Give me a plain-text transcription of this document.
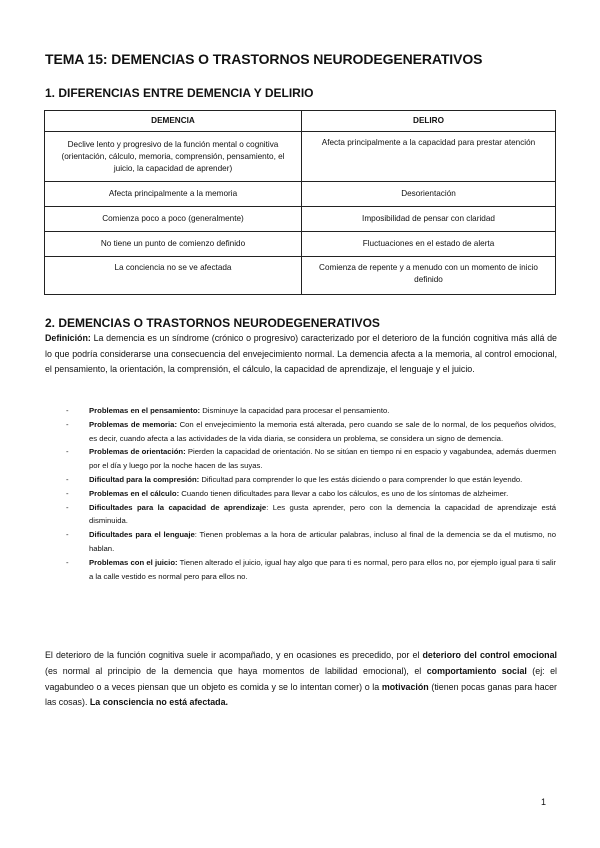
TEMA 15: DEMENCIAS O TRASTORNOS NEURODEGENERATIVOS
1. DIFERENCIAS ENTRE DEMENCIA Y DELIRIO
DEMENCIA	DELIRO
Declive lento y progresivo de la función mental o cognitiva (orientación, cálculo, memoria, comprensión, pensamiento, el juicio, la capacidad de aprender)	Afecta principalmente a la capacidad para prestar atención
Afecta principalmente a la memoria	Desorientación
Comienza poco a poco (generalmente)	Imposibilidad de pensar con claridad
No tiene un punto de comienzo definido	Fluctuaciones en el estado de alerta
La conciencia no se ve afectada	Comienza de repente y a menudo con un momento de inicio definido
2. DEMENCIAS O TRASTORNOS NEURODEGENERATIVOS

Definición: La demencia es un síndrome (crónico o progresivo) caracterizado por el deterioro de la función cognitiva más allá de lo que podría considerarse una consecuencia del envejecimiento normal. La demencia afecta a la memoria, al control emocional, el pensamiento, la orientación, la comprensión, el cálculo, la capacidad de aprendizaje, el lenguaje y el juicio.

-	Problemas en el pensamiento: Disminuye la capacidad para procesar el pensamiento.
-	Problemas de memoria: Con el envejecimiento la memoria está alterada, pero cuando se sale de lo normal, de los pequeños olvidos, es decir, cuando afecta a las actividades de la vida diaria, se considera un problema, se considera un signo de demencia.
-	Problemas de orientación: Pierden la capacidad de orientación. No se sitúan en tiempo ni en espacio y vagabundea, además duermen por el día y luego por la noche hacen de las suyas.
-	Dificultad para la compresión: Dificultad para comprender lo que les estás diciendo o para comprender lo que están leyendo.
-	Problemas en el cálculo: Cuando tienen dificultades para llevar a cabo los cálculos, es uno de los síntomas de alzheimer.
-	Dificultades para la capacidad de aprendizaje: Les gusta aprender, pero con la demencia la capacidad de aprendizaje está disminuida.
-	Dificultades para el lenguaje: Tienen problemas a la hora de articular palabras, incluso al final de la demencia se da el mutismo, no hablan.
-	Problemas con el juicio: Tienen alterado el juicio, igual hay algo que para ti es normal, pero para ellos no, por ejemplo igual para ti salir a la calle vestido es normal pero para ellos no.

El deterioro de la función cognitiva suele ir acompañado, y en ocasiones es precedido, por el deterioro del control emocional (es normal al principio de la demencia que haya momentos de labilidad emocional), el comportamiento social (ej: el vagabundeo o a veces piensan que un objeto es comida y se lo intentan comer) o la motivación (tienen pocas ganas para hacer las cosas). La consciencia no está afectada.

1
